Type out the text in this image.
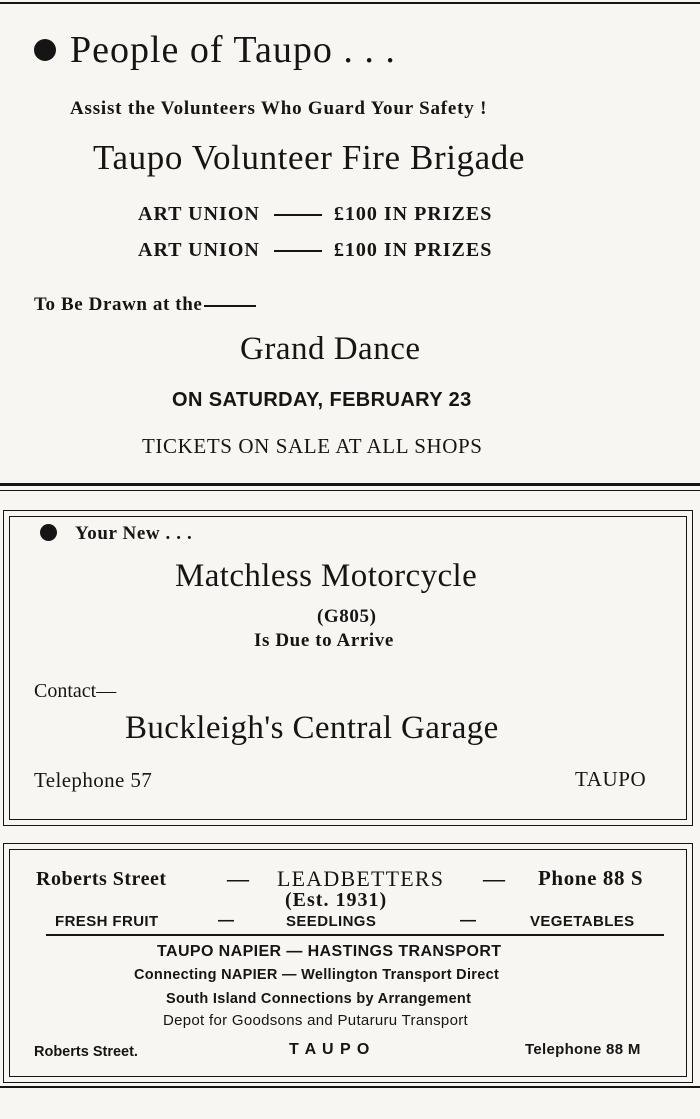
People of Taupo . . .
Assist the Volunteers Who Guard Your Safety !
Taupo Volunteer Fire Brigade
ART UNION	£100 IN PRIZES
ART UNION	£100 IN PRIZES
To Be Drawn at the
Grand Dance
ON SATURDAY, FEBRUARY 23
TICKETS ON SALE AT ALL SHOPS
Your New . . .
Matchless Motorcycle
(G805)
Is Due to Arrive
Contact—
Buckleigh's Central Garage
Telephone 57	TAUPO
Roberts Street	— LEADBETTERS — Phone 88 S
(Est. 1931)
FRESH FRUIT	—	SEEDLINGS	—	VEGETABLES
TAUPO NAPIER — HASTINGS TRANSPORT
Connecting NAPIER — Wellington Transport Direct
South Island Connections by Arrangement
Depot for Goodsons and Putaruru Transport
Roberts Street.	T A U P O	Telephone 88 M
